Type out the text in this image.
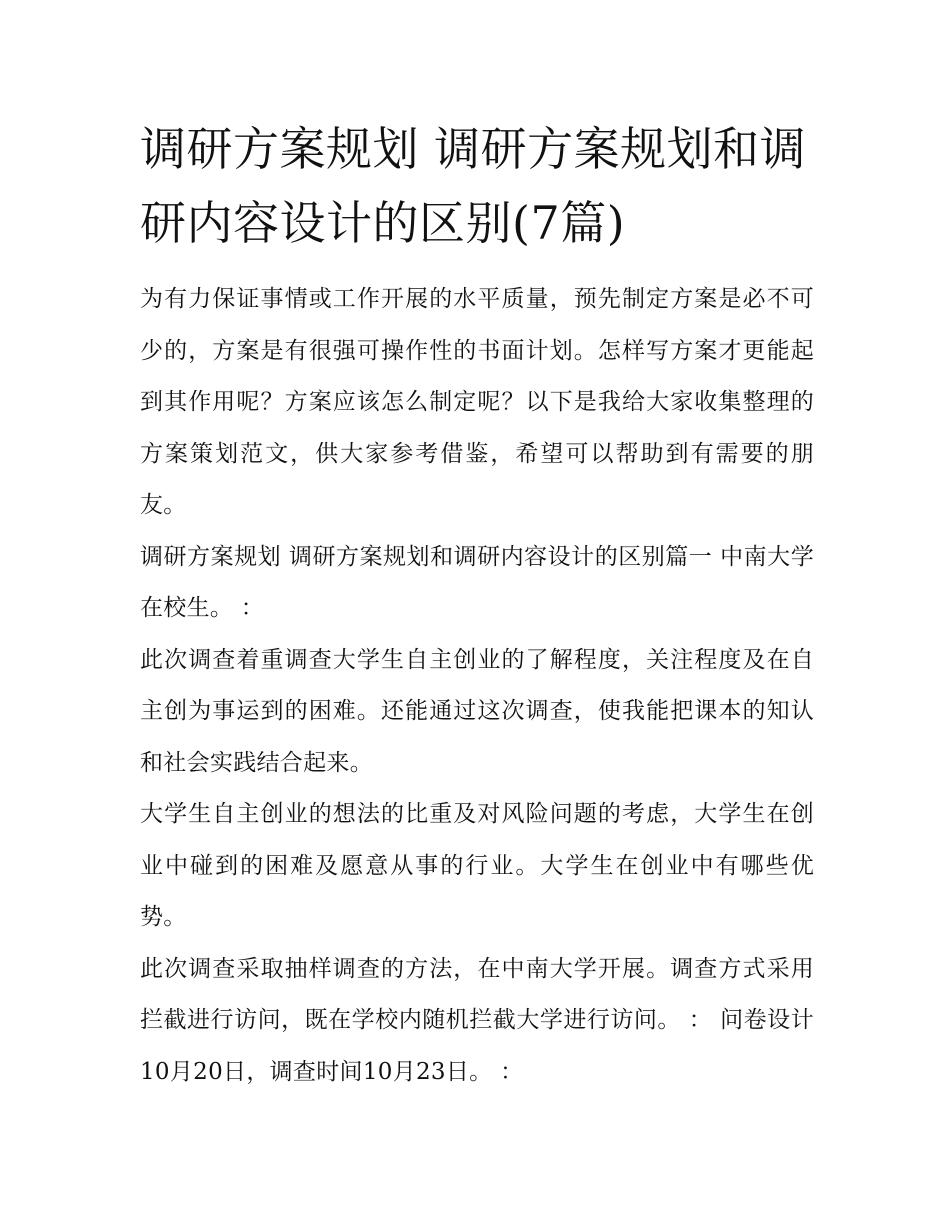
调研方案规划 调研方案规划和调研内容设计的区别(7篇)

为有力保证事情或工作开展的水平质量，预先制定方案是必不可少的，方案是有很强可操作性的书面计划。怎样写方案才更能起到其作用呢？方案应该怎么制定呢？以下是我给大家收集整理的方案策划范文，供大家参考借鉴，希望可以帮助到有需要的朋友。

调研方案规划 调研方案规划和调研内容设计的区别篇一 中南大学在校生。 ：

此次调查着重调查大学生自主创业的了解程度，关注程度及在自主创为事运到的困难。还能通过这次调查，使我能把课本的知认和社会实践结合起来。

大学生自主创业的想法的比重及对风险问题的考虑，大学生在创业中碰到的困难及愿意从事的行业。大学生在创业中有哪些优势。

此次调查采取抽样调查的方法，在中南大学开展。调查方式采用拦截进行访问，既在学校内随机拦截大学进行访问。 ： 问卷设计10月20日，调查时间10月23日。 ：
